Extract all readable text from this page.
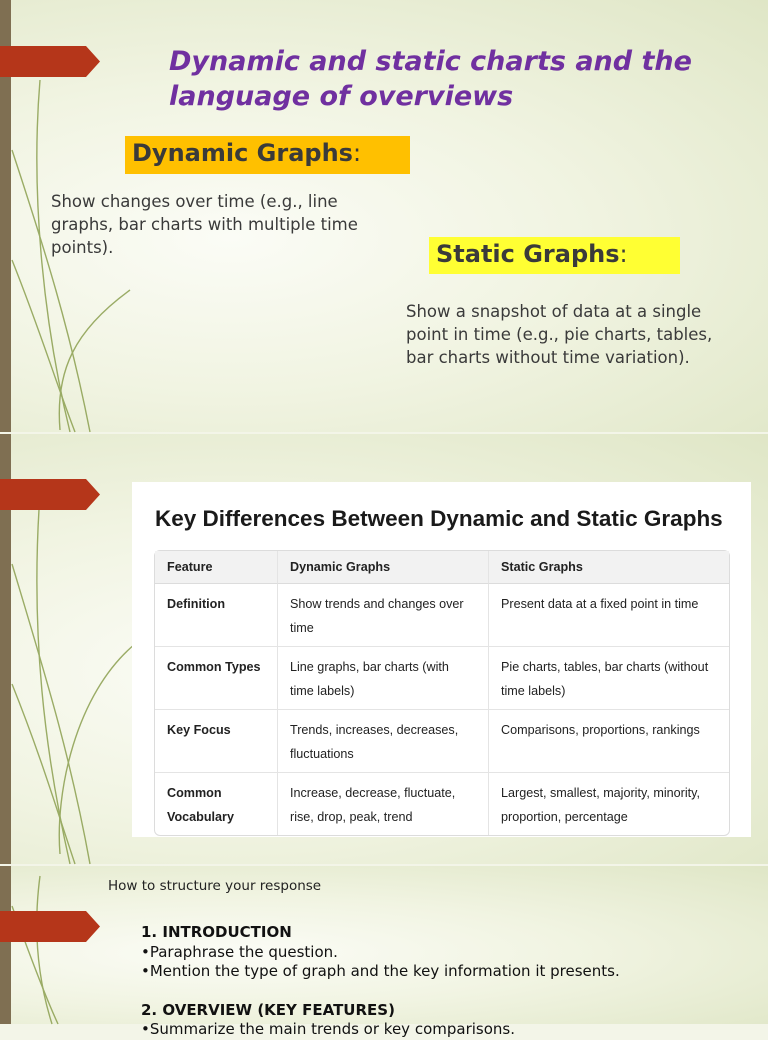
Dynamic and static charts and the language of overviews
Dynamic Graphs:

Show changes over time (e.g., line graphs, bar charts with multiple time points).	Static Graphs:

Show a snapshot of data at a single point in time (e.g., pie charts, tables, bar charts without time variation).

Key Differences Between Dynamic and Static Graphs
Feature	Dynamic Graphs	Static Graphs
Definition	Show trends and changes over time	Present data at a fixed point in time
Common Types	Line graphs, bar charts (with time labels)	Pie charts, tables, bar charts (without time labels)
Key Focus	Trends, increases, decreases, fluctuations	Comparisons, proportions, rankings
Common Vocabulary	Increase, decrease, fluctuate, rise, drop, peak, trend	Largest, smallest, majority, minority, proportion, percentage

How to structure your response

1. INTRODUCTION
•Paraphrase the question.
•Mention the type of graph and the key information it presents.
2. OVERVIEW (KEY FEATURES)
•Summarize the main trends or key comparisons.
